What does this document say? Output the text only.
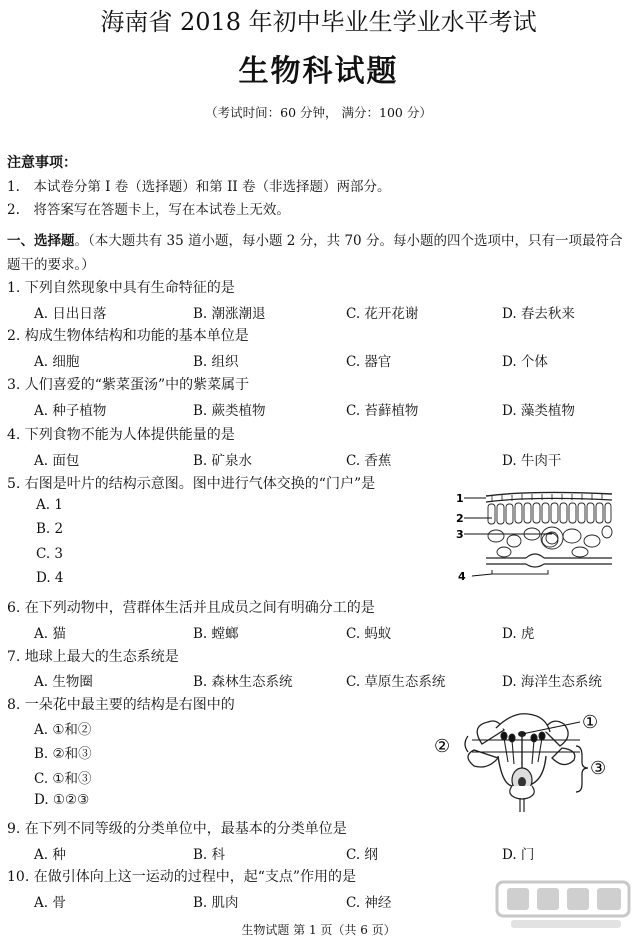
海南省 2018 年初中毕业生学业水平考试
生物科试题
（考试时间：60 分钟， 满分：100 分）
注意事项：
1.　本试卷分第 I 卷（选择题）和第 II 卷（非选择题）两部分。
2.　将答案写在答题卡上，写在本试卷上无效。
一、选择题。（本大题共有 35 道小题，每小题 2 分，共 70 分。每小题的四个选项中，只有一项最符合题干的要求。）
1. 下列自然现象中具有生命特征的是
A. 日出日落	B. 潮涨潮退	C. 花开花谢	D. 春去秋来
2. 构成生物体结构和功能的基本单位是
A. 细胞	B. 组织	C. 器官	D. 个体
3. 人们喜爱的“紫菜蛋汤”中的紫菜属于
A. 种子植物	B. 蕨类植物	C. 苔藓植物	D. 藻类植物
4. 下列食物不能为人体提供能量的是
A. 面包	B. 矿泉水	C. 香蕉	D. 牛肉干
5. 右图是叶片的结构示意图。图中进行气体交换的“门户”是
A. 1
B. 2
C. 3
D. 4
1
2
3
4
6. 在下列动物中，营群体生活并且成员之间有明确分工的是
A. 猫	B. 螳螂	C. 蚂蚁	D. 虎
7. 地球上最大的生态系统是
A. 生物圈	B. 森林生态系统	C. 草原生态系统	D. 海洋生态系统
8. 一朵花中最主要的结构是右图中的
A. ①和②
B. ②和③
C. ①和③
D. ①②③
①
②
③
9. 在下列不同等级的分类单位中，最基本的分类单位是
A. 种	B. 科	C. 纲	D. 门
10. 在做引体向上这一运动的过程中，起“支点”作用的是
A. 骨	B. 肌肉	C. 神经
生物试题 第 1 页（共 6 页）
